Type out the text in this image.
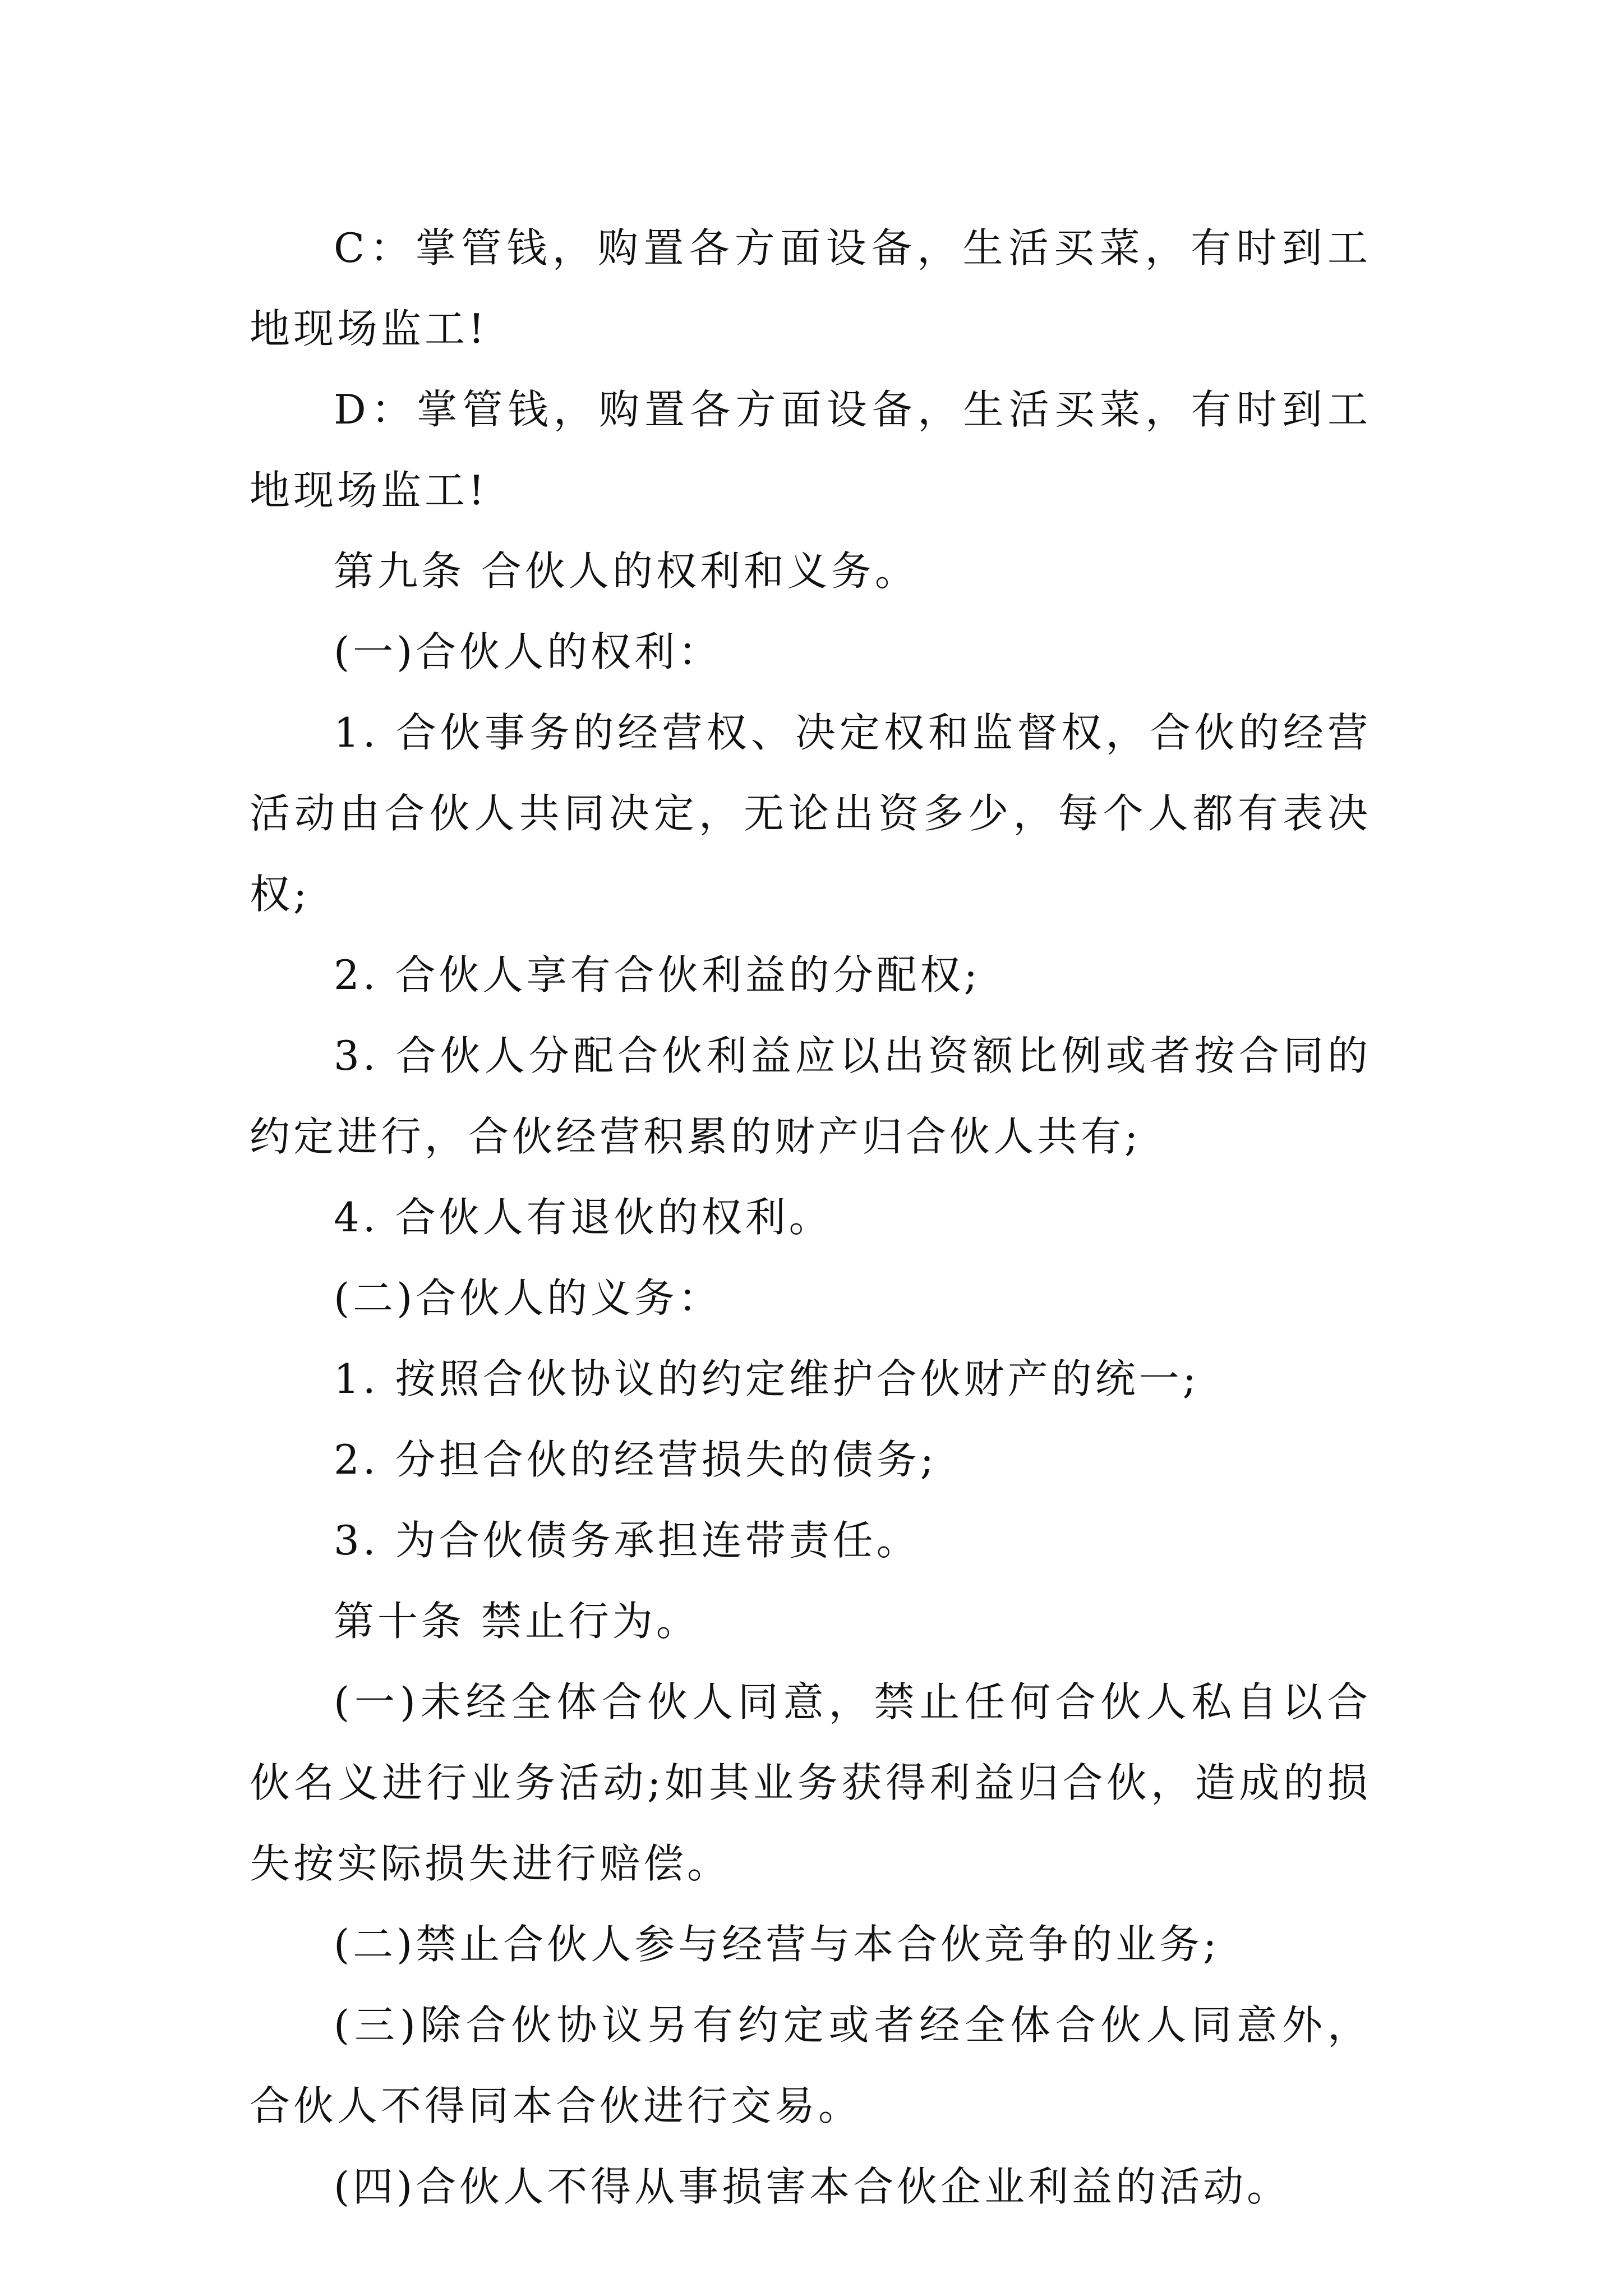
C：掌管钱，购置各方面设备，生活买菜，有时到工地现场监工!

D：掌管钱，购置各方面设备，生活买菜，有时到工地现场监工!

第九条 合伙人的权利和义务。

(一)合伙人的权利：

1. 合伙事务的经营权、决定权和监督权，合伙的经营活动由合伙人共同决定，无论出资多少，每个人都有表决权;

2. 合伙人享有合伙利益的分配权;

3. 合伙人分配合伙利益应以出资额比例或者按合同的约定进行，合伙经营积累的财产归合伙人共有;

4. 合伙人有退伙的权利。

(二)合伙人的义务：

1. 按照合伙协议的约定维护合伙财产的统一;

2. 分担合伙的经营损失的债务;

3. 为合伙债务承担连带责任。

第十条 禁止行为。

(一)未经全体合伙人同意，禁止任何合伙人私自以合伙名义进行业务活动;如其业务获得利益归合伙，造成的损失按实际损失进行赔偿。

(二)禁止合伙人参与经营与本合伙竞争的业务;

(三)除合伙协议另有约定或者经全体合伙人同意外，合伙人不得同本合伙进行交易。

(四)合伙人不得从事损害本合伙企业利益的活动。
